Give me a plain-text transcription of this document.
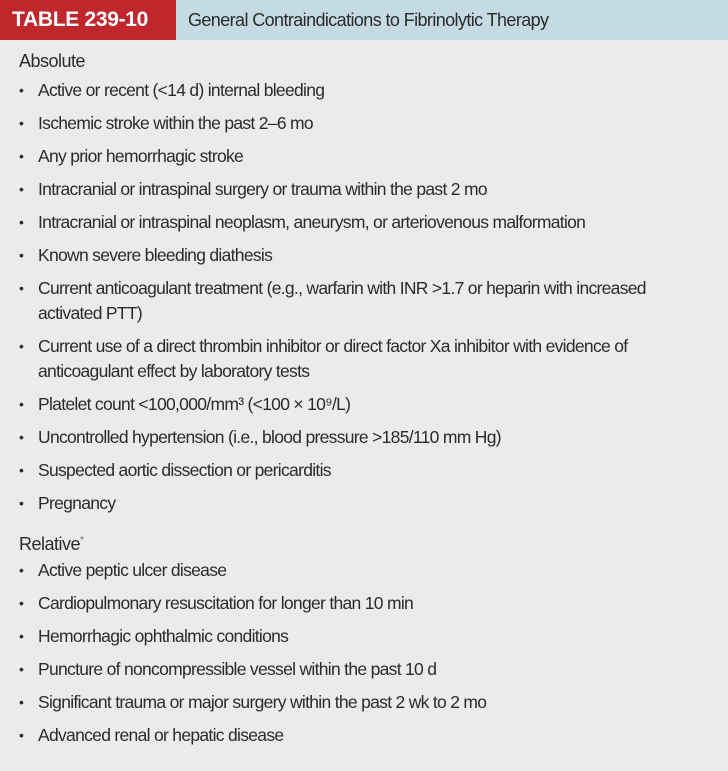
TABLE 239-10	General Contraindications to Fibrinolytic Therapy
Absolute
• Active or recent (<14 d) internal bleeding
• Ischemic stroke within the past 2–6 mo
• Any prior hemorrhagic stroke
• Intracranial or intraspinal surgery or trauma within the past 2 mo
• Intracranial or intraspinal neoplasm, aneurysm, or arteriovenous malformation
• Known severe bleeding diathesis
• Current anticoagulant treatment (e.g., warfarin with INR >1.7 or heparin with increased activated PTT)
• Current use of a direct thrombin inhibitor or direct factor Xa inhibitor with evidence of anticoagulant effect by laboratory tests
• Platelet count <100,000/mm³ (<100 × 10⁹/L)
• Uncontrolled hypertension (i.e., blood pressure >185/110 mm Hg)
• Suspected aortic dissection or pericarditis
• Pregnancy
Relative*
• Active peptic ulcer disease
• Cardiopulmonary resuscitation for longer than 10 min
• Hemorrhagic ophthalmic conditions
• Puncture of noncompressible vessel within the past 10 d
• Significant trauma or major surgery within the past 2 wk to 2 mo
• Advanced renal or hepatic disease
